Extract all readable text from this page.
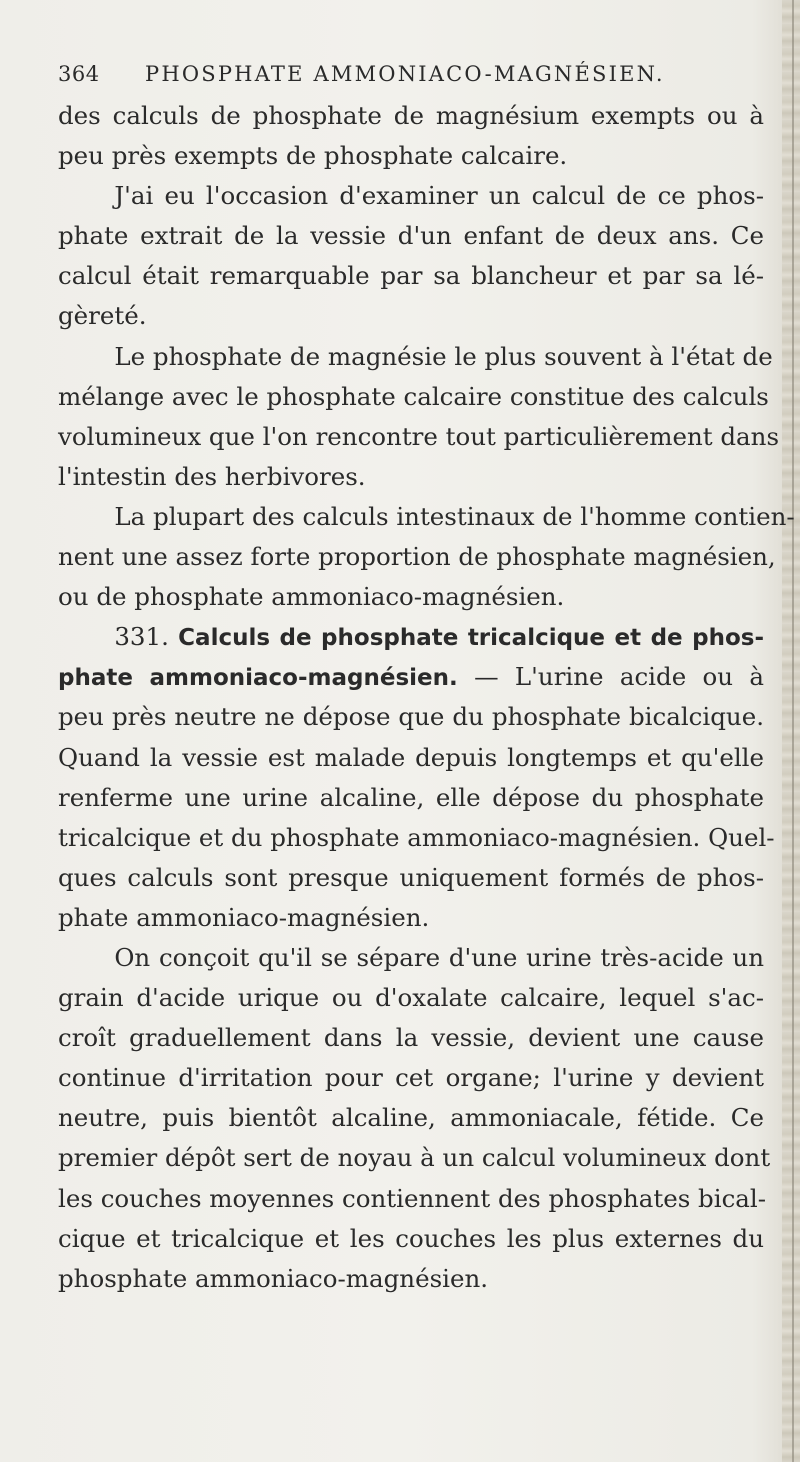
364 PHOSPHATE AMMONIACO-MAGNÉSIEN.
des calculs de phosphate de magnésium exempts ou à
peu près exempts de phosphate calcaire.
J'ai eu l'occasion d'examiner un calcul de ce phos-
phate extrait de la vessie d'un enfant de deux ans. Ce
calcul était remarquable par sa blancheur et par sa lé-
gèreté.
Le phosphate de magnésie le plus souvent à l'état de
mélange avec le phosphate calcaire constitue des calculs
volumineux que l'on rencontre tout particulièrement dans
l'intestin des herbivores.
La plupart des calculs intestinaux de l'homme contien-
nent une assez forte proportion de phosphate magnésien,
ou de phosphate ammoniaco-magnésien.
331. Calculs de phosphate tricalcique et de phos-
phate ammoniaco-magnésien. — L'urine acide ou à
peu près neutre ne dépose que du phosphate bicalcique.
Quand la vessie est malade depuis longtemps et qu'elle
renferme une urine alcaline, elle dépose du phosphate
tricalcique et du phosphate ammoniaco-magnésien. Quel-
ques calculs sont presque uniquement formés de phos-
phate ammoniaco-magnésien.
On conçoit qu'il se sépare d'une urine très-acide un
grain d'acide urique ou d'oxalate calcaire, lequel s'ac-
croît graduellement dans la vessie, devient une cause
continue d'irritation pour cet organe; l'urine y devient
neutre, puis bientôt alcaline, ammoniacale, fétide. Ce
premier dépôt sert de noyau à un calcul volumineux dont
les couches moyennes contiennent des phosphates bical-
cique et tricalcique et les couches les plus externes du
phosphate ammoniaco-magnésien.
